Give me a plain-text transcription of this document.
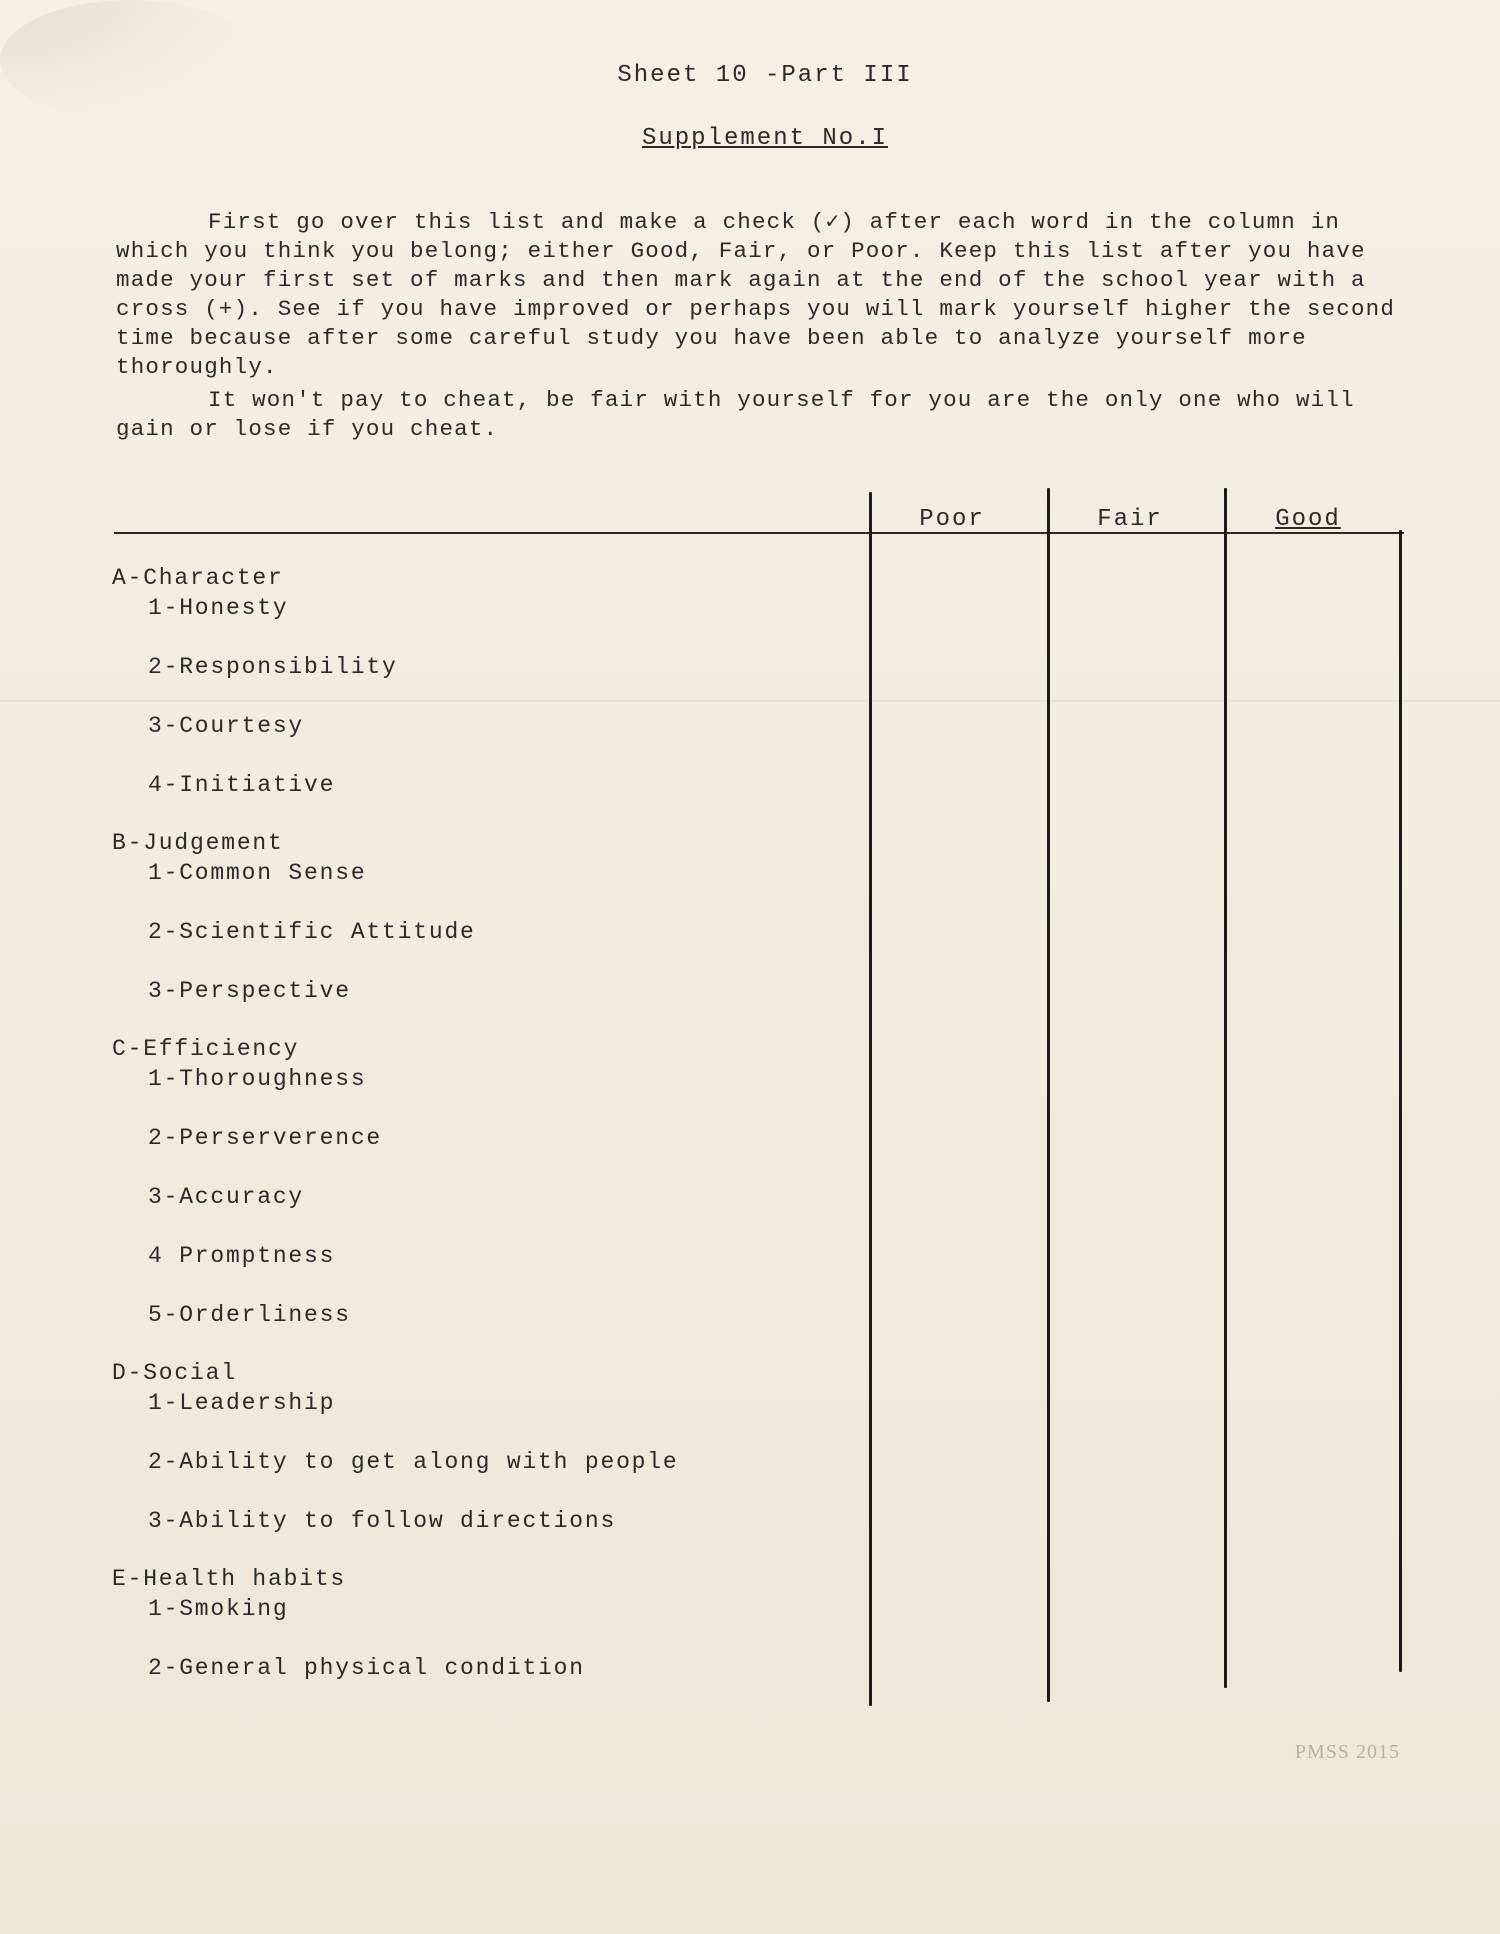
Sheet 10 -Part III
Supplement No.I

First go over this list and make a check (✓) after each word in the column in which you think you belong; either Good, Fair, or Poor. Keep this list after you have made your first set of marks and then mark again at the end of the school year with a cross (+). See if you have improved or perhaps you will mark yourself higher the second time because after some careful study you have been able to analyze yourself more thoroughly.

It won't pay to cheat, be fair with yourself for you are the only one who will gain or lose if you cheat.

Poor	Fair	Good
A-Character
1-Honesty
2-Responsibility
3-Courtesy
4-Initiative
B-Judgement
1-Common Sense
2-Scientific Attitude
3-Perspective
C-Efficiency
1-Thoroughness
2-Perserverence
3-Accuracy
4 Promptness
5-Orderliness
D-Social
1-Leadership
2-Ability to get along with people
3-Ability to follow directions
E-Health habits
1-Smoking
2-General physical condition
PMSS 2015
